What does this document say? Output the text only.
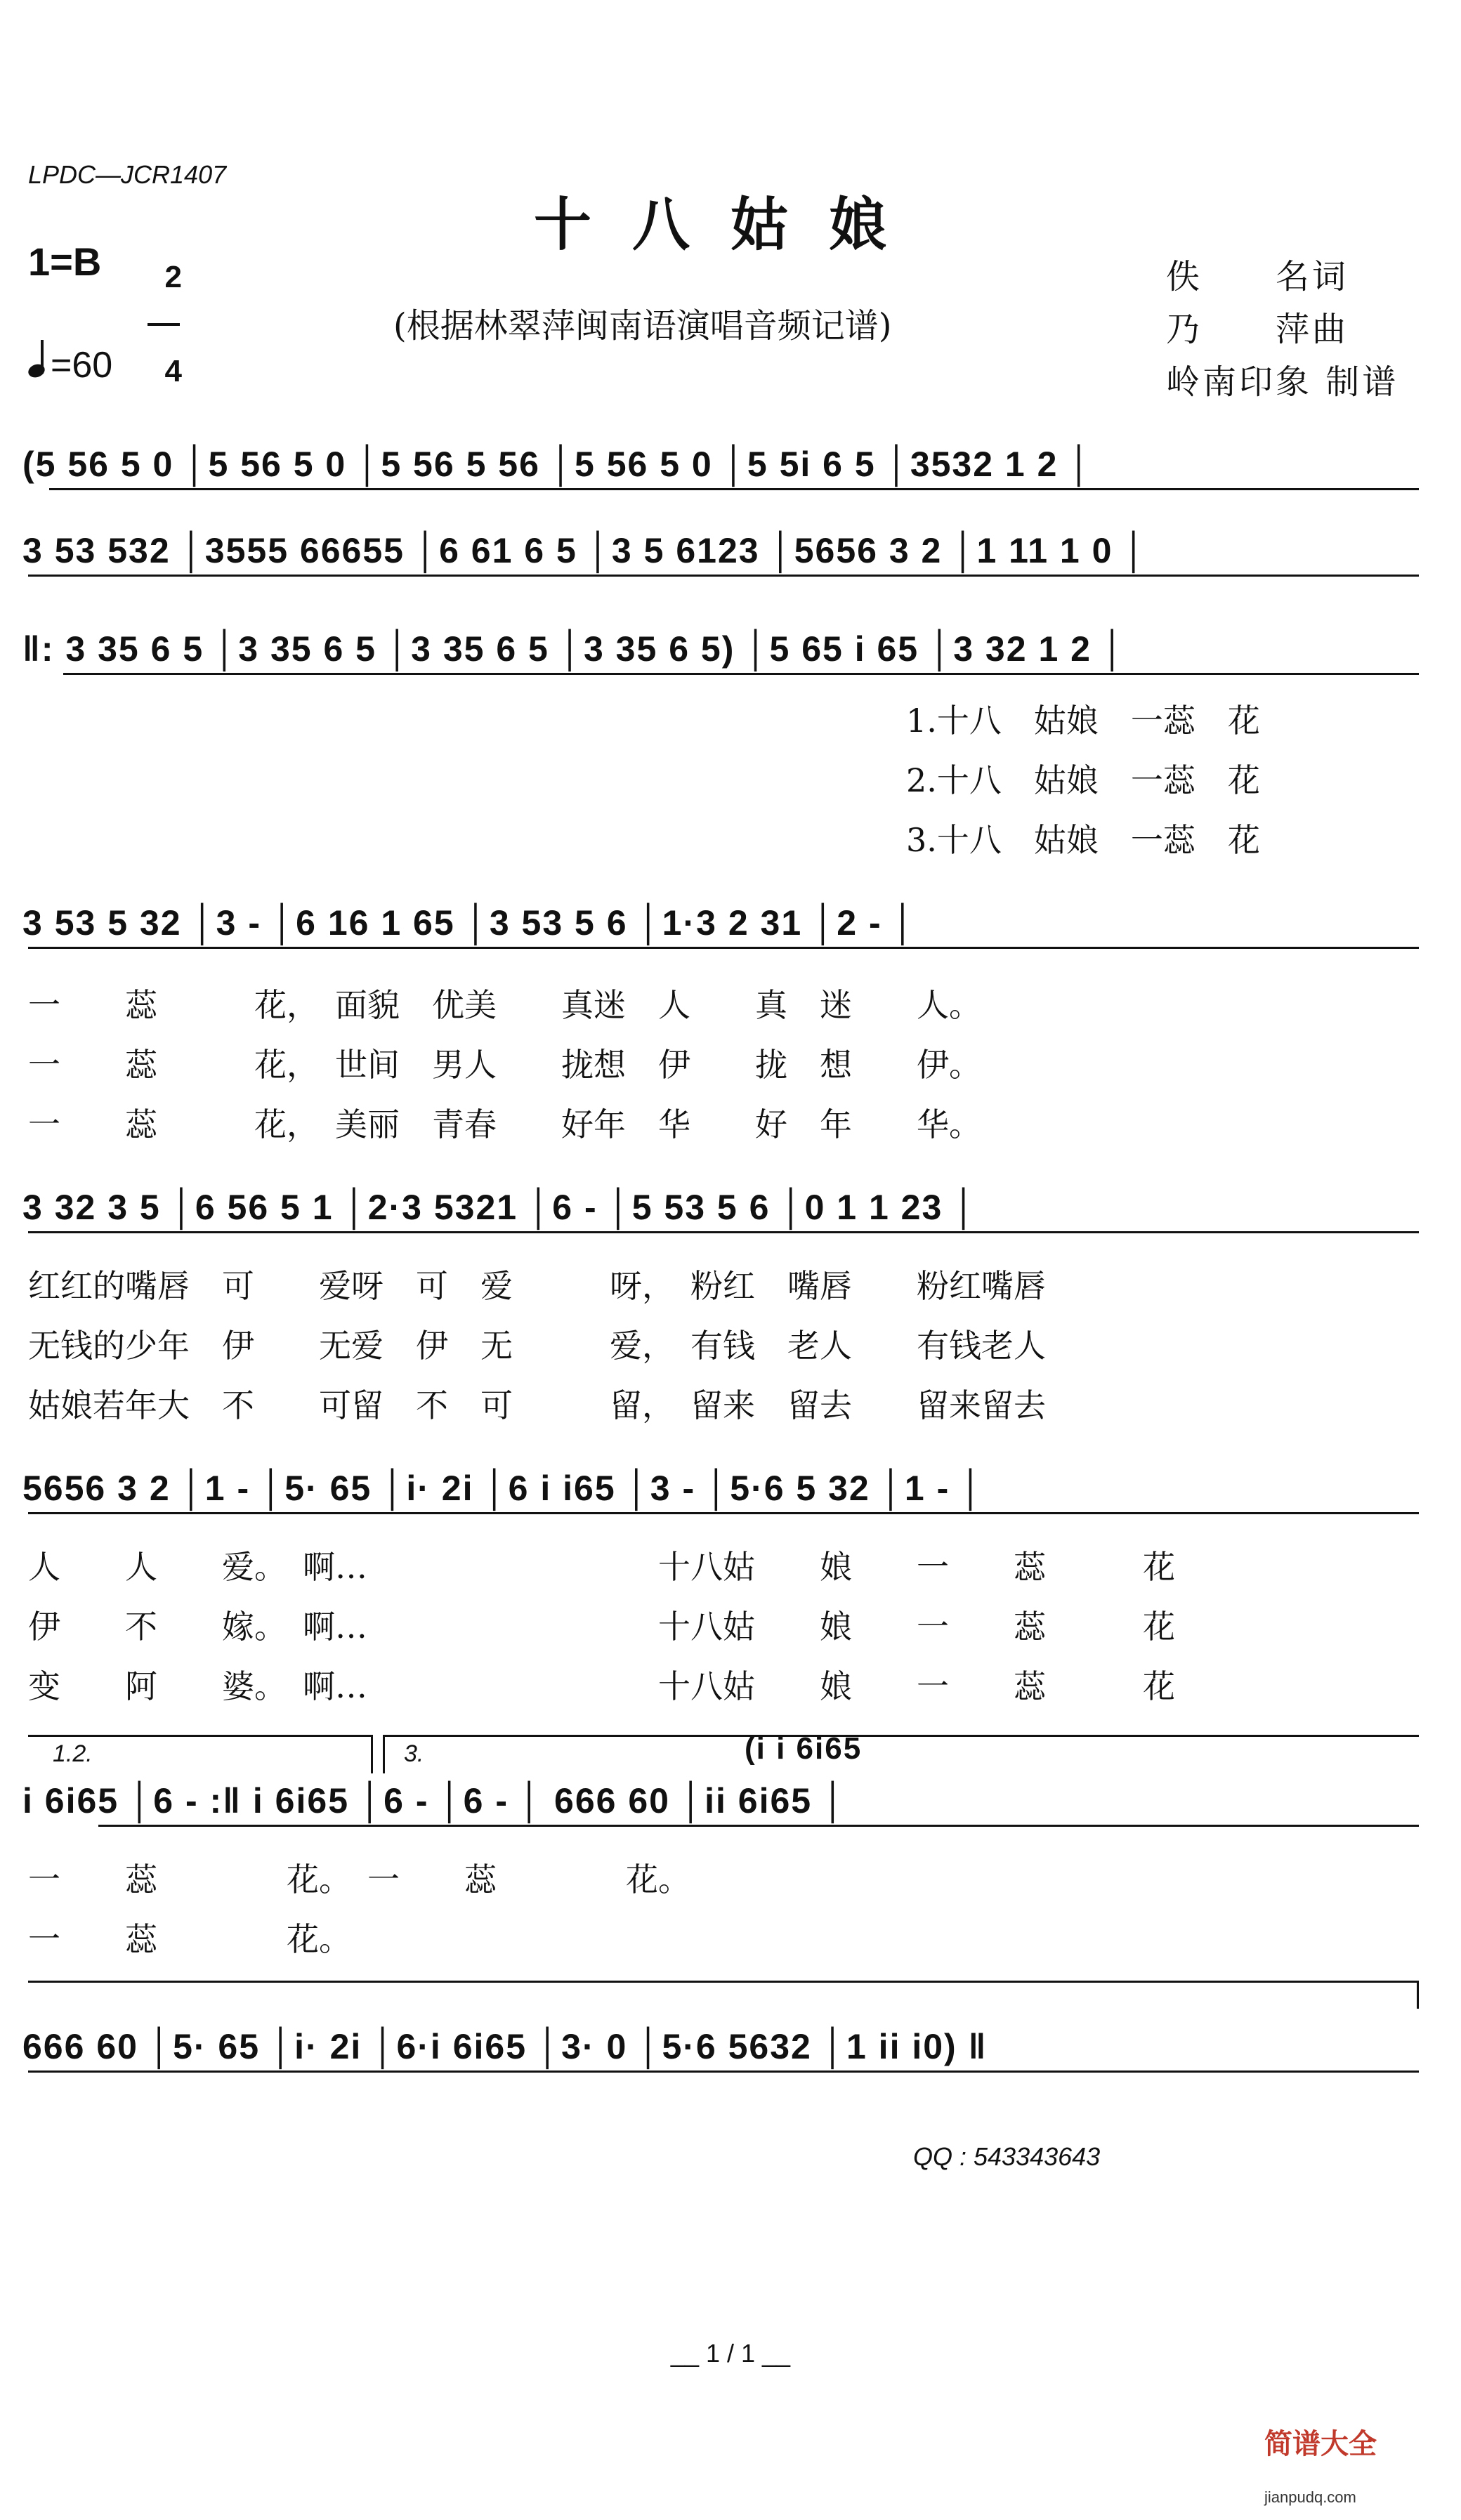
LPDC—JCR1407
十八姑娘
(根据林翠萍闽南语演唱音频记谱)
1=B	2

4

=60
佚　　名词
乃　　萍曲
岭南印象 制谱
(5 56 5 0 │5 56 5 0 │5 56 5 56 │5 56 5 0 │5 5i 6 5 │3532 1 2 │
3 53 532 │3555 66655 │6 61 6 5 │3 5 6123 │5656 3 2 │1 11 1 0 │
‖: 3 35 6 5 │3 35 6 5 │3 35 6 5 │3 35 6 5) │5 65 i 65 │3 32 1 2 │
1.十八　姑娘　一蕊　花
2.十八　姑娘　一蕊　花
3.十八　姑娘　一蕊　花
3 53 5 32 │3 - │6 16 1 65 │3 53 5 6 │1·3 2 31 │2 - │
一　　蕊　　　花，　面貌　优美　　真迷　人　　真　迷　　人。
一　　蕊　　　花，　世间　男人　　拢想　伊　　拢　想　　伊。
一　　蕊　　　花，　美丽　青春　　好年　华　　好　年　　华。
3 32 3 5 │6 56 5 1 │2·3 5321 │6 - │5 53 5 6 │0 1 1 23 │
红红的嘴唇　可　　爱呀　可　爱　　　呀，　粉红　嘴唇　　粉红嘴唇
无钱的少年　伊　　无爱　伊　无　　　爱，　有钱　老人　　有钱老人
姑娘若年大　不　　可留　不　可　　　留，　留来　留去　　留来留去
5656 3 2 │1 - │5· 65 │i· 2i │6 i i65 │3 - │5·6 5 32 │1 - │
人　　人　　爱。　啊…　　　　　　　　　十八姑　　娘　　一　　蕊　　　花
伊　　不　　嫁。　啊…　　　　　　　　　十八姑　　娘　　一　　蕊　　　花
变　　阿　　婆。　啊…　　　　　　　　　十八姑　　娘　　一　　蕊　　　花
1.2.	3.	(i i 6i65
i 6i65 │6 - :‖ i 6i65 │6 - │6 - │ 666 60 │ii 6i65 │
一　　蕊　　　　花。　一　　蕊　　　　花。
一　　蕊　　　　花。
666 60 │5· 65 │i· 2i │6·i 6i65 │3· 0 │5·6 5632 │1 ii i0) ‖
QQ : 543343643
__ 1 / 1 __

简谱大全

jianpudq.com
